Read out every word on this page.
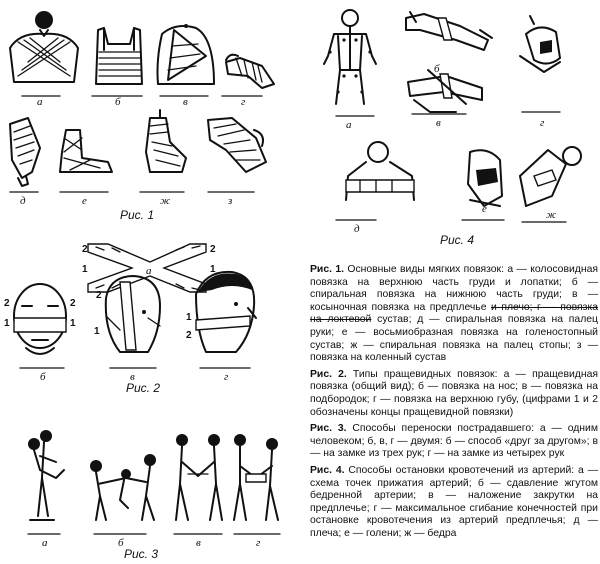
а	б	в	г
д	е	ж	з
Рис. 1
2
1
2
1
а
2
1
2
1
2
1
1
2
б	в	г
Рис. 2
а	б	в	г
Рис. 3
а
б
в	г
д
е	ж
Рис. 4

Рис. 1. Основные виды мягких повязок: а — колосовидная повязка на верхнюю часть груди и лопатки; б — спиральная повязка на нижнюю часть груди; в — косыночная повязка на предплечье и плечо; г — повязка на локтевой сустав; д — спиральная повязка на палец руки; е — восьмиобразная повязка на голеностопный сустав; ж — спиральная повязка на палец стопы; з — повязка на коленный сустав

Рис. 2. Типы пращевидных повязок: а — пращевидная повязка (общий вид); б — повязка на нос; в — повязка на подбородок; г — повязка на верхнюю губу, (цифрами 1 и 2 обозначены концы пращевидной повязки)

Рис. 3. Способы переноски пострадавшего: а — одним человеком; б, в, г — двумя: б — способ «друг за другом»; в — на замке из трех рук; г — на замке из четырех рук

Рис. 4. Способы остановки кровотечений из артерий: а — схема точек прижатия артерий; б — сдавление жгутом бедренной артерии; в — наложение закрутки на предплечье; г — максимальное сгибание конечностей при остановке кровотечения из артерий предплечья; д — плеча; е — голени; ж — бедра
